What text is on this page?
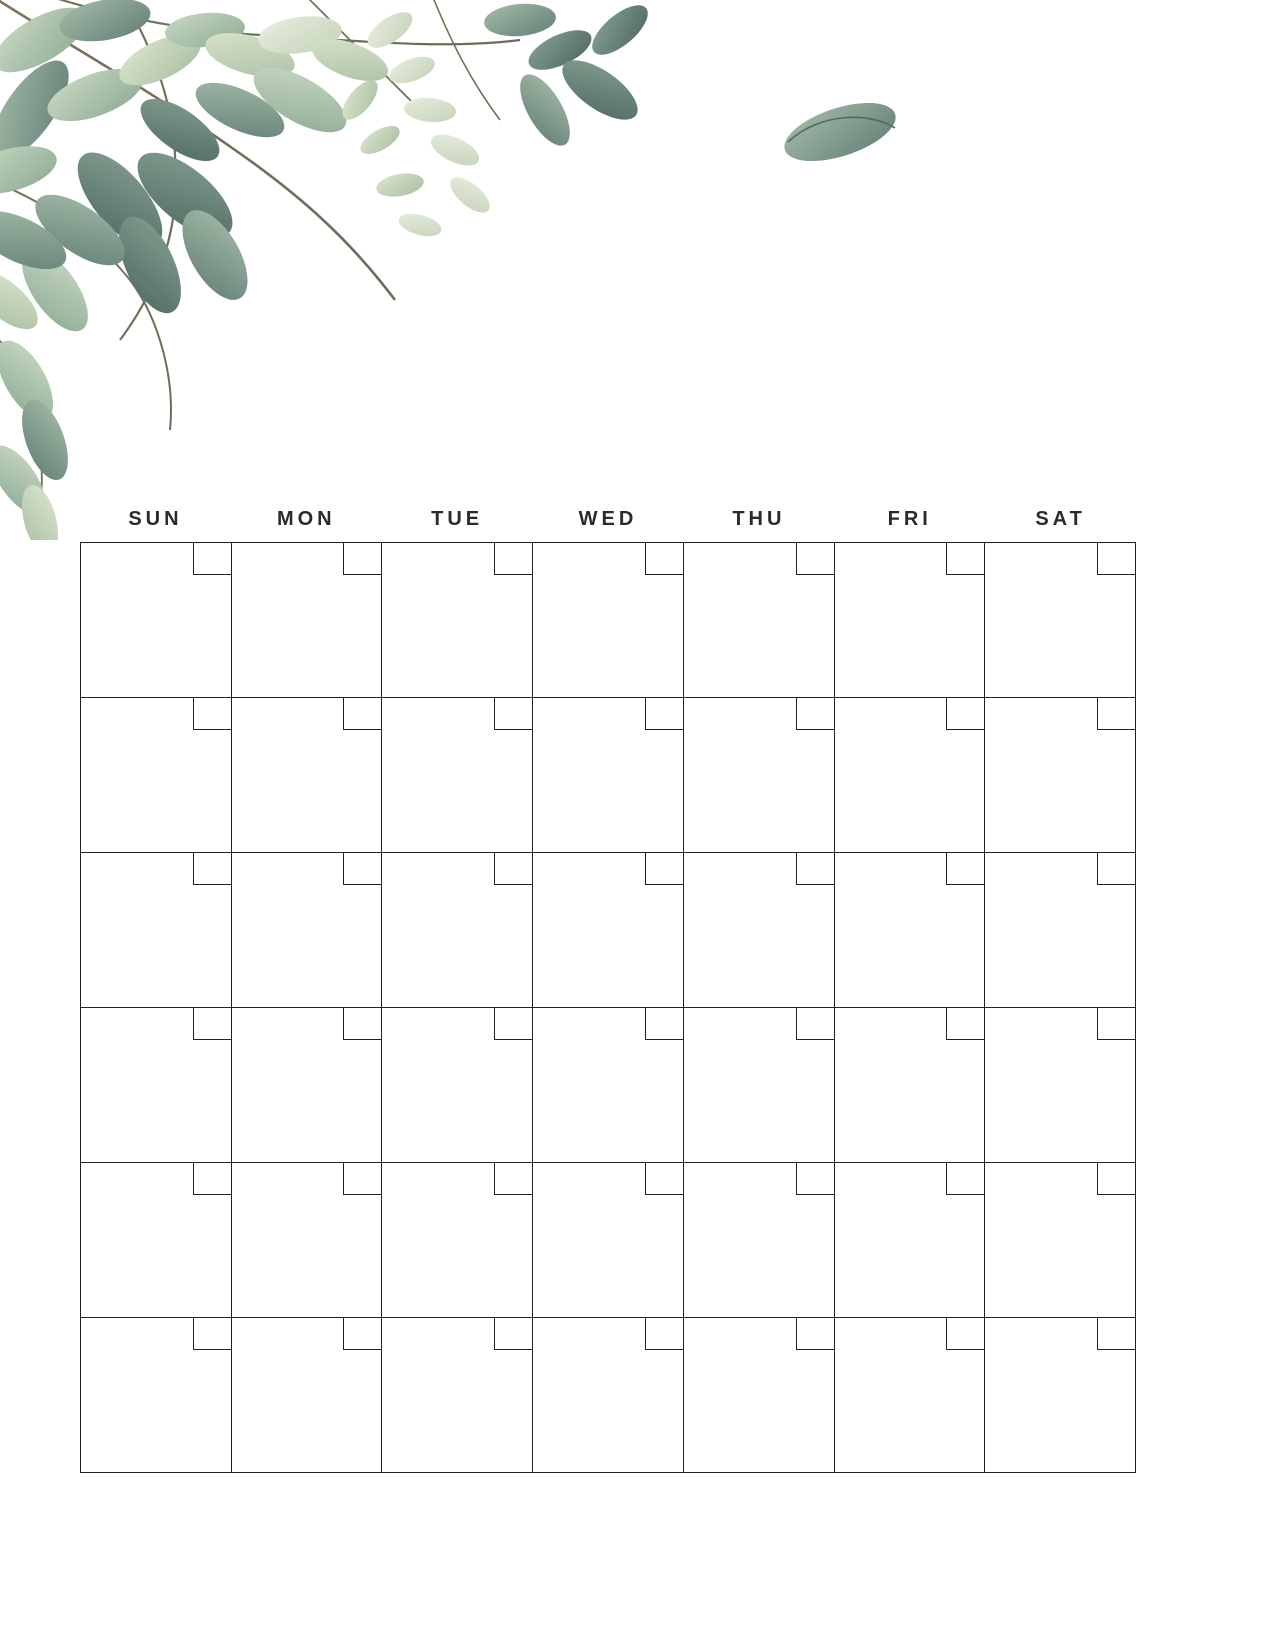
SUN	MON	TUE	WED	THU	FRI	SAT
